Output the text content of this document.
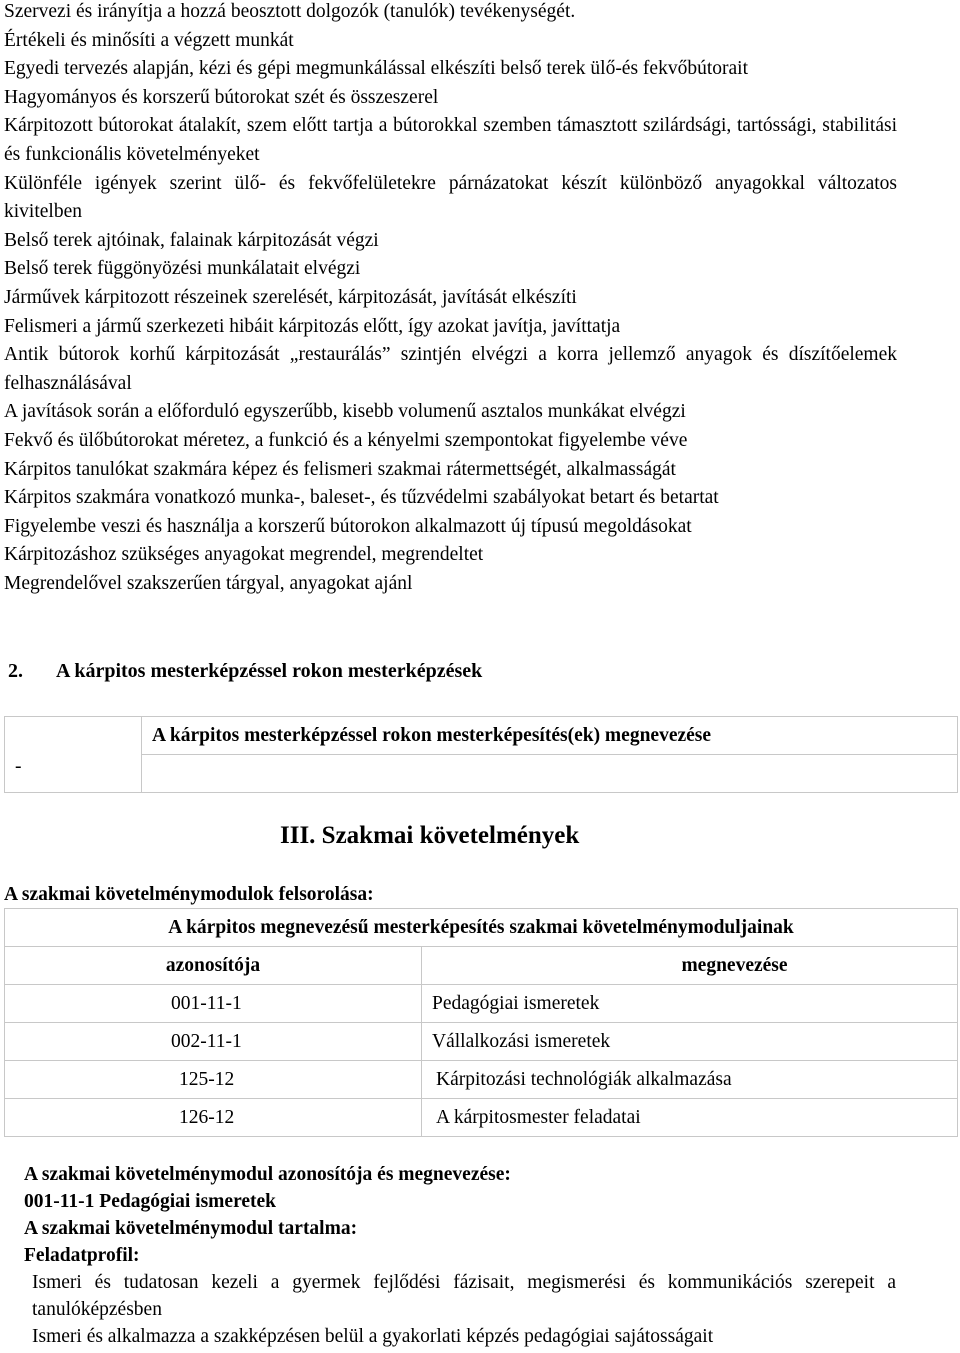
Szervezi és irányítja a hozzá beosztott dolgozók (tanulók) tevékenységét.
Értékeli és minősíti a végzett munkát
Egyedi tervezés alapján, kézi és gépi megmunkálással elkészíti belső terek ülő-és fekvőbútorait
Hagyományos és korszerű bútorokat szét és összeszerel
Kárpitozott bútorokat átalakít, szem előtt tartja a bútorokkal szemben támasztott szilárdsági, tartóssági, stabilitási és funkcionális követelményeket
Különféle igények szerint ülő- és fekvőfelületekre párnázatokat készít különböző anyagokkal változatos kivitelben
Belső terek ajtóinak, falainak kárpitozását végzi
Belső terek függönyözési munkálatait elvégzi
Járművek kárpitozott részeinek szerelését, kárpitozását, javítását elkészíti
Felismeri a jármű szerkezeti hibáit kárpitozás előtt, így azokat javítja, javíttatja
Antik bútorok korhű kárpitozását „restaurálás” szintjén elvégzi a korra jellemző anyagok és díszítőelemek felhasználásával
A javítások során a előforduló egyszerűbb, kisebb volumenű asztalos munkákat elvégzi
Fekvő és ülőbútorokat méretez, a funkció és a kényelmi szempontokat figyelembe véve
Kárpitos tanulókat szakmára képez és felismeri szakmai rátermettségét, alkalmasságát
Kárpitos szakmára vonatkozó munka-, baleset-, és tűzvédelmi szabályokat betart és betartat
Figyelembe veszi és használja a korszerű bútorokon alkalmazott új típusú megoldásokat
Kárpitozáshoz szükséges anyagokat megrendel, megrendeltet
Megrendelővel szakszerűen tárgyal, anyagokat ajánl
2. A kárpitos mesterképzéssel rokon mesterképzések
-	A kárpitos mesterképzéssel rokon mesterképesítés(ek) megnevezése

III. Szakmai követelmények
A szakmai követelménymodulok felsorolása:
A kárpitos megnevezésű mesterképesítés szakmai követelménymoduljainak	
azonosítója	megnevezése
001-11-1	Pedagógiai ismeretek
002-11-1	Vállalkozási ismeretek
125-12	Kárpitozási technológiák alkalmazása
126-12	A kárpitosmester feladatai
A szakmai követelménymodul azonosítója és megnevezése:
001-11-1 Pedagógiai ismeretek
A szakmai követelménymodul tartalma:
Feladatprofil:
Ismeri és tudatosan kezeli a gyermek fejlődési fázisait, megismerési és kommunikációs szerepeit a tanulóképzésben
Ismeri és alkalmazza a szakképzésen belül a gyakorlati képzés pedagógiai sajátosságait
